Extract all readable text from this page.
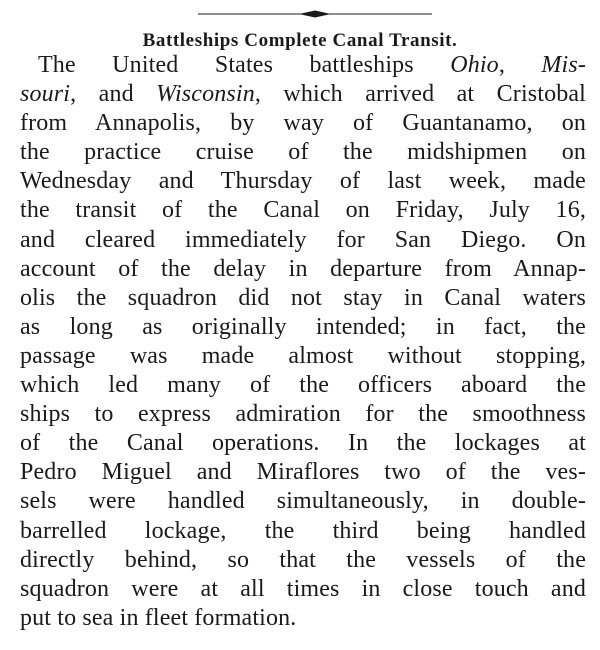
Battleships Complete Canal Transit.
The United States battleships Ohio, Mis-
souri, and Wisconsin, which arrived at Cristobal
from Annapolis, by way of Guantanamo, on
the practice cruise of the midshipmen on
Wednesday and Thursday of last week, made
the transit of the Canal on Friday, July 16,
and cleared immediately for San Diego. On
account of the delay in departure from Annap-
olis the squadron did not stay in Canal waters
as long as originally intended; in fact, the
passage was made almost without stopping,
which led many of the officers aboard the
ships to express admiration for the smoothness
of the Canal operations. In the lockages at
Pedro Miguel and Miraflores two of the ves-
sels were handled simultaneously, in double-
barrelled lockage, the third being handled
directly behind, so that the vessels of the
squadron were at all times in close touch and
put to sea in fleet formation.
